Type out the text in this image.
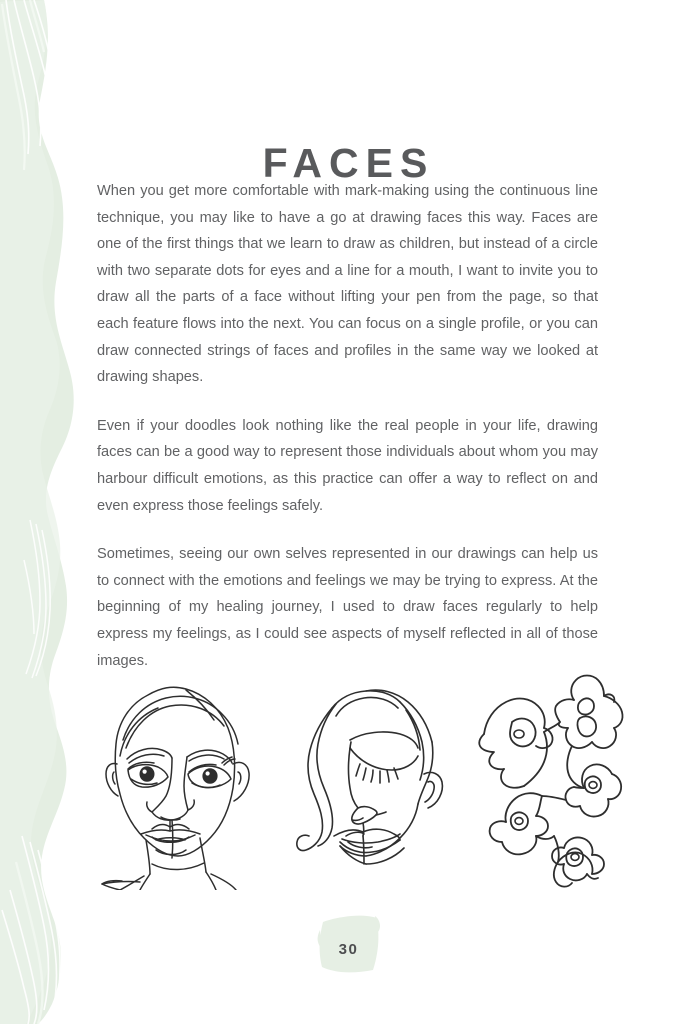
FACES

When you get more comfortable with mark-making using the continuous line technique, you may like to have a go at drawing faces this way. Faces are one of the first things that we learn to draw as children, but instead of a circle with two separate dots for eyes and a line for a mouth, I want to invite you to draw all the parts of a face without lifting your pen from the page, so that each feature flows into the next. You can focus on a single profile, or you can draw connected strings of faces and profiles in the same way we looked at drawing shapes.

Even if your doodles look nothing like the real people in your life, drawing faces can be a good way to represent those individuals about whom you may harbour difficult emotions, as this practice can offer a way to reflect on and even express those feelings safely.

Sometimes, seeing our own selves represented in our drawings can help us to connect with the emotions and feelings we may be trying to express. At the beginning of my healing journey, I used to draw faces regularly to help express my feelings, as I could see aspects of myself reflected in all of those images.

30
